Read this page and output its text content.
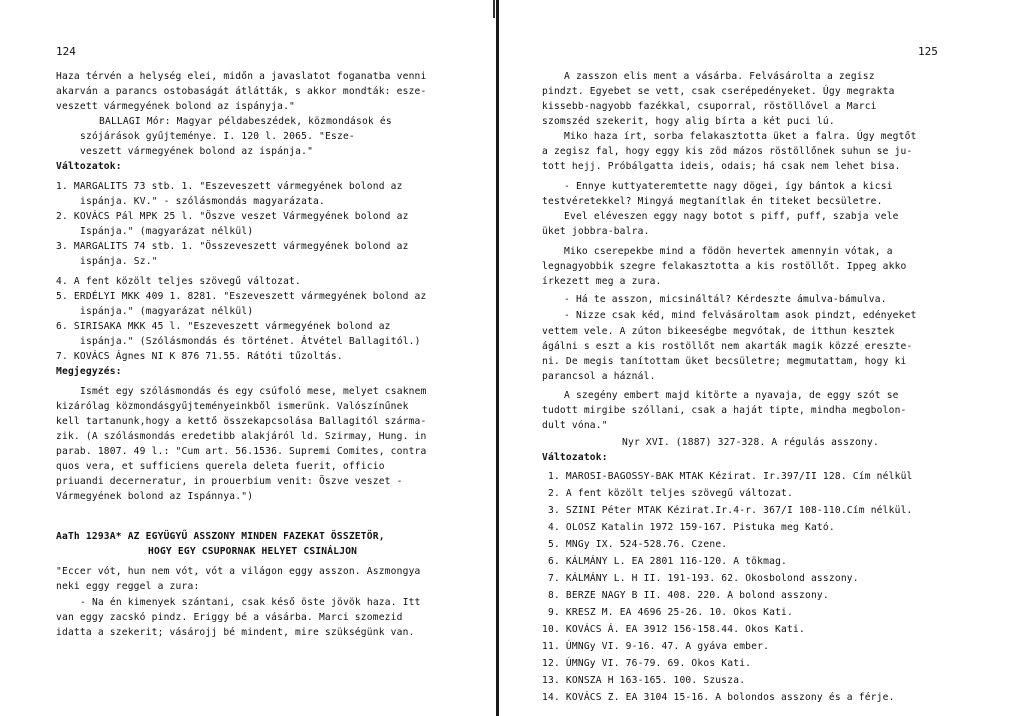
124
Haza térvén a helység elei, midőn a javaslatot foganatba venni
akarván a parancs ostobaságát átlátták, s akkor mondták: esze-
veszett vármegyének bolond az ispányja."
BALLAGI Mór: Magyar példabeszédek, közmondások és
szójárások gyűjteménye. I. 120 l. 2065. "Esze-
veszett vármegyének bolond az ispánja."
Változatok:
1. MARGALITS 73 stb. 1. "Eszeveszett vármegyének bolond az
ispánja. KV." - szólásmondás magyarázata.
2. KOVÁCS Pál MPK 25 l. "Öszve veszet Vármegyének bolond az
Ispánja." (magyarázat nélkül)
3. MARGALITS 74 stb. 1. "Összeveszett vármegyének bolond az
ispánja. Sz."
4. A fent közölt teljes szövegű változat.
5. ERDÉLYI MKK 409 1. 8281. "Eszeveszett vármegyének bolond az
ispánja." (magyarázat nélkül)
6. SIRISAKA MKK 45 l. "Eszeveszett vármegyének bolond az
ispánja." (Szólásmondás és történet. Átvétel Ballagitól.)
7. KOVÁCS Ágnes NI K 876 71.55. Rátóti tűzoltás.
Megjegyzés:
Ismét egy szólásmondás és egy csúfoló mese, melyet csaknem
kizárólag közmondásgyűjteményeinkből ismerünk. Valószínűnek
kell tartanunk,hogy a kettő összekapcsolása Ballagitól szárma-
zik. (A szólásmondás eredetibb alakjáról ld. Szirmay, Hung. in
parab. 1807. 49 l.: "Cum art. 56.1536. Supremi Comites, contra
quos vera, et sufficiens querela deleta fuerit, officio
priuandi decerneratur, in prouerbium venit: Öszve veszet -
Vármegyének bolond az Ispánnya.")
AaTh 1293A* AZ EGYÜGYŰ ASSZONY MINDEN FAZEKAT ÖSSZETÖR,
HOGY EGY CSUPORNAK HELYET CSINÁLJON
"Eccer vót, hun nem vót, vót a világon eggy asszon. Aszmongya
neki eggy reggel a zura:
- Na én kimenyek szántani, csak késő öste jövök haza. Itt
van eggy zacskó pindz. Eriggy bé a vásárba. Marci szomezid
idatta a szekerit; vásárojj bé mindent, mire szükségünk van.
125
A zasszon elis ment a vásárba. Felvásárolta a zegisz
pindzt. Egyebet se vett, csak cserépedényeket. Úgy megrakta
kissebb-nagyobb fazékkal, csuporral, röstöllővel a Marci
szomszéd szekerit, hogy alig bírta a két puci lú.
Miko haza írt, sorba felakasztotta üket a falra. Úgy megtőt
a zegisz fal, hogy eggy kis zöd mázos röstöllőnek suhun se ju-
tott hejj. Próbálgatta ideis, odais; há csak nem lehet bisa.
- Ennye kuttyateremtette nagy dögei, így bántok a kicsi
testvéretekkel? Mingyá megtanítlak én titeket becsületre.
Evel eléveszen eggy nagy botot s piff, puff, szabja vele
üket jobbra-balra.
Miko cserepekbe mind a födön hevertek amennyin vótak, a
legnagyobbik szegre felakasztotta a kis rostöllőt. Ippeg akko
írkezett meg a zura.
- Há te asszon, micsináltál? Kérdeszte ámulva-bámulva.
- Nizze csak kéd, mind felvásároltam asok pindzt, edényeket
vettem vele. A zúton bikeeségbe megvótak, de itthun kesztek
ágálni s eszt a kis rostöllőt nem akarták magik közzé ereszte-
ni. De megis tanítottam üket becsületre; megmutattam, hogy ki
parancsol a háznál.
A szegény embert majd kitörte a nyavaja, de eggy szót se
tudott mirgibe szóllani, csak a haját tipte, mindha megbolon-
dult vóna."
Nyr XVI. (1887) 327-328. A régulás asszony.
Változatok:
1. MAROSI-BAGOSSY-BAK MTAK Kézirat. Ir.397/II 128. Cím nélkül
2. A fent közölt teljes szövegű változat.
3. SZINI Péter MTAK Kézirat.Ir.4-r. 367/I 108-110.Cím nélkül.
4. OLOSZ Katalin 1972 159-167. Pistuka meg Kató.
5. MNGy IX. 524-528.76. Czene.
6. KÁLMÁNY L. EA 2801 116-120. A tökmag.
7. KÁLMÁNY L. H II. 191-193. 62. Okosbolond asszony.
8. BERZE NAGY B II. 408. 220. A bolond asszony.
9. KRESZ M. EA 4696 25-26. 10. Okos Kati.
10. KOVÁCS Á. EA 3912 156-158.44. Okos Kati.
11. ÚMNGy VI. 9-16. 47. A gyáva ember.
12. ÚMNGy VI. 76-79. 69. Okos Kati.
13. KONSZA H 163-165. 100. Szusza.
14. KOVÁCS Z. EA 3104 15-16. A bolondos asszony és a férje.
